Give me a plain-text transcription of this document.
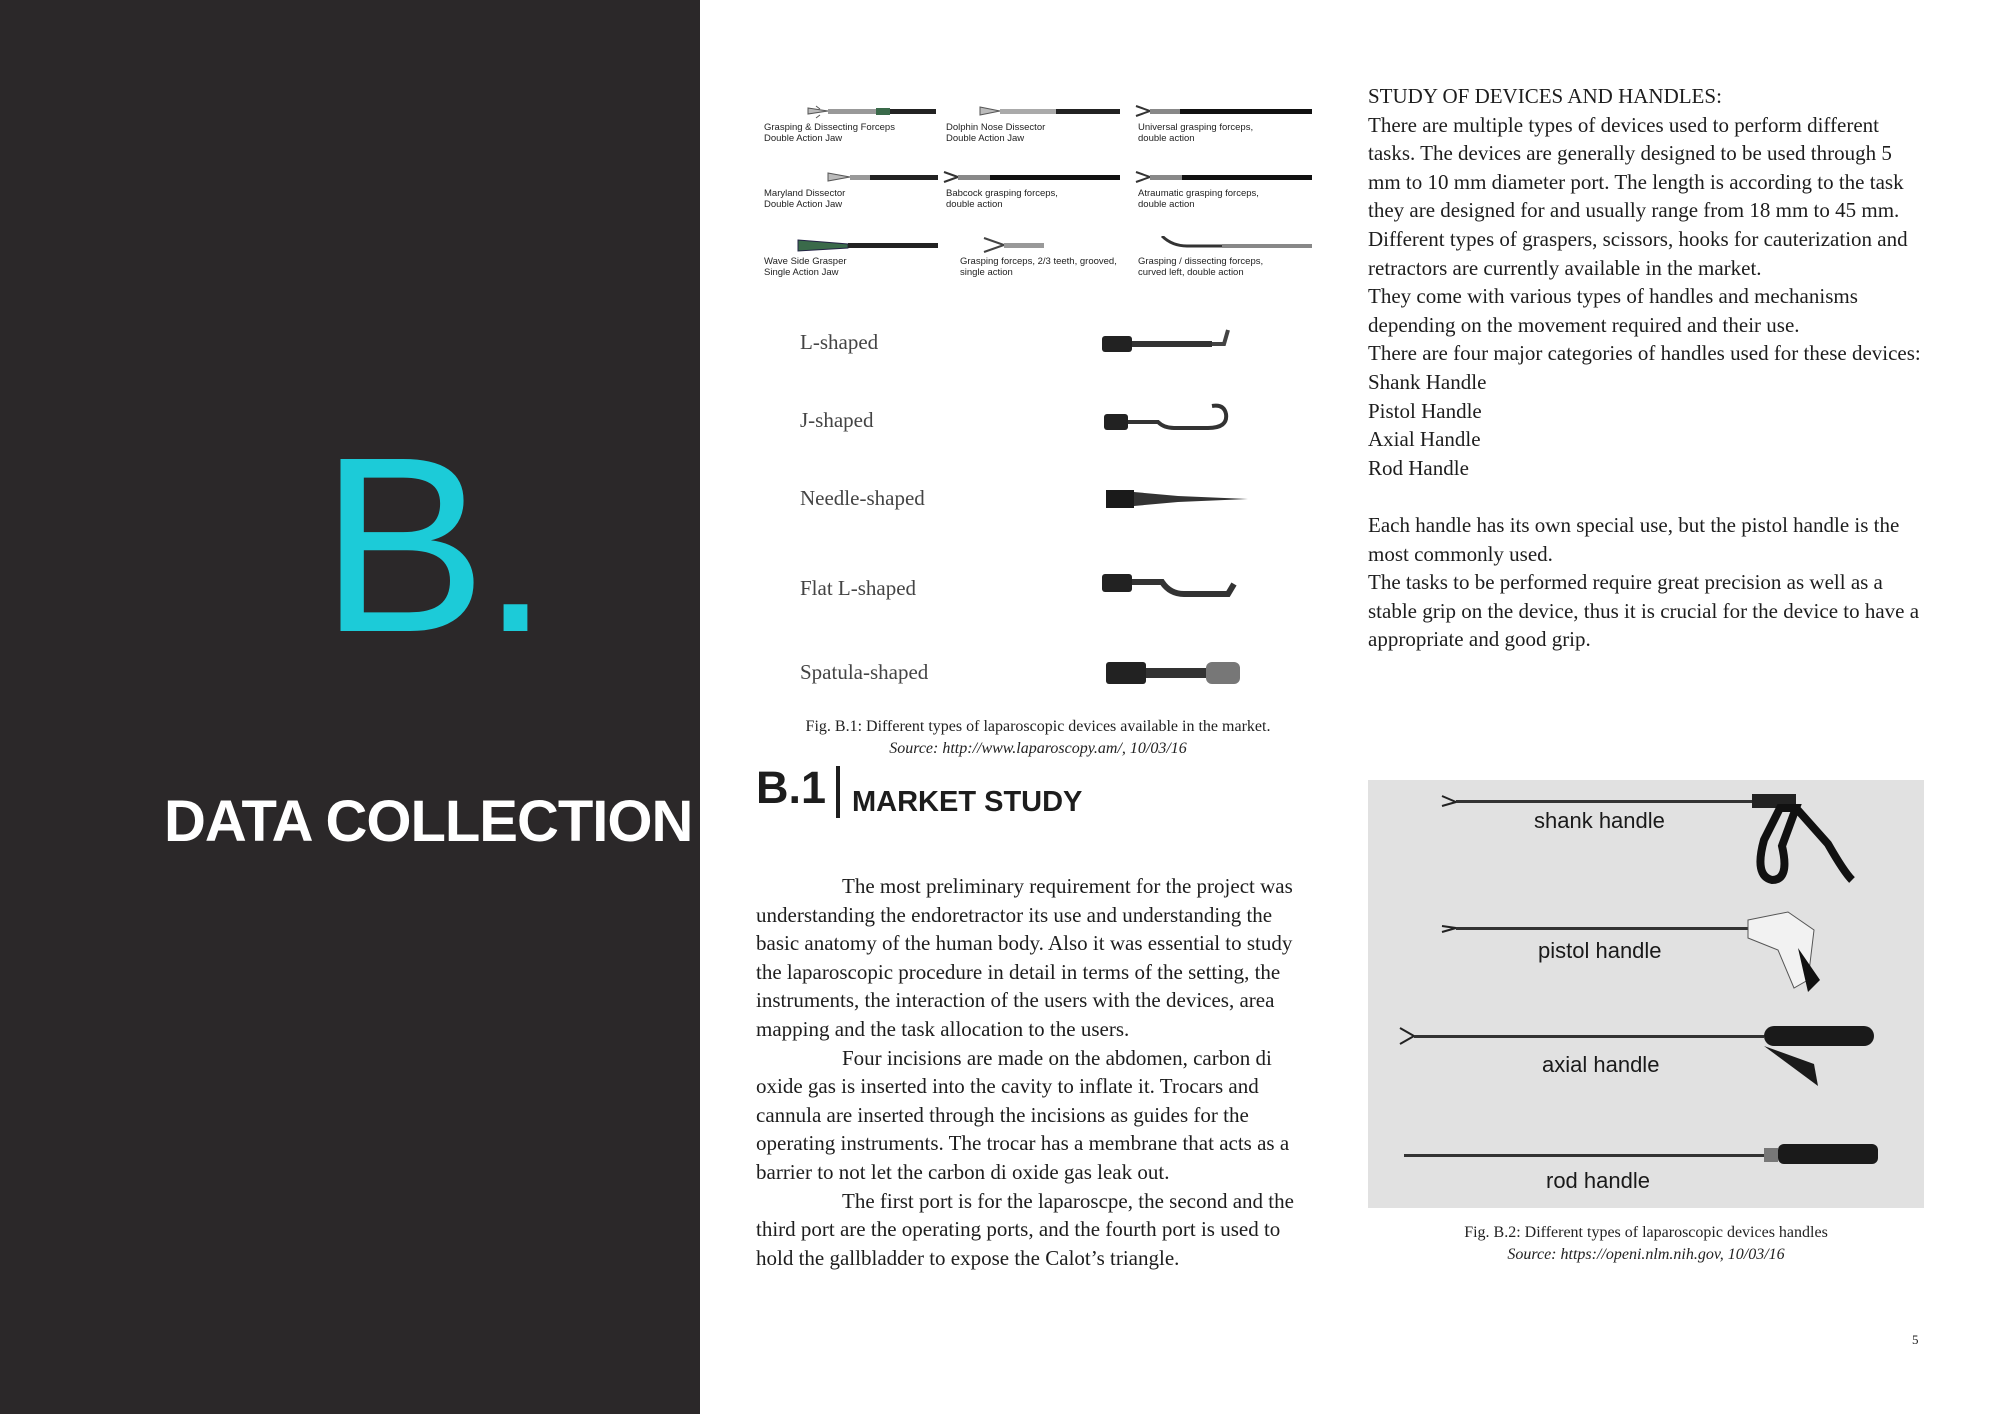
B.
DATA COLLECTION
Grasping & Dissecting Forceps
Double Action Jaw
Dolphin Nose Dissector
Double Action Jaw
Universal grasping forceps,
double action
Maryland Dissector
Double Action Jaw
Babcock grasping forceps,
double action
Atraumatic grasping forceps,
double action
Wave Side Grasper
Single Action Jaw
Grasping forceps, 2/3 teeth, grooved,
single action
Grasping / dissecting forceps,
curved left, double action
L-shaped
J-shaped
Needle-shaped
Flat L-shaped
Spatula-shaped
Fig. B.1: Different types of laparoscopic devices available in the market.
Source: http://www.laparoscopy.am/, 10/03/16
B.1 MARKET STUDY

The most preliminary requirement for the project was understanding the endoretractor its use and understanding the basic anatomy of the human body. Also it was essential to study the laparoscopic procedure in detail in terms of the setting, the instruments, the interaction of the users with the devices, area mapping and the task allocation to the users.

Four incisions are made on the abdomen, carbon di oxide gas is inserted into the cavity to inflate it. Trocars and cannula are inserted through the incisions as guides for the operating instruments. The trocar has a membrane that acts as a barrier to not let the carbon di oxide gas leak out.

The first port is for the laparoscpe, the second and the third port are the operating ports, and the fourth port is used to hold the gallbladder to expose the Calot’s triangle.

STUDY OF DEVICES AND HANDLES:

There are multiple types of devices used to perform different tasks. The devices are generally designed to be used through 5 mm to 10 mm diameter port. The length is according to the task they are designed for and usually range from 18 mm to 45 mm.

Different types of graspers, scissors, hooks for cauterization and retractors are currently available in the market.

They come with various types of handles and mechanisms depending on the movement required and their use.

There are four major categories of handles used for these devices:

Shank Handle
Pistol Handle
Axial Handle
Rod Handle

Each handle has its own special use, but the pistol handle is the most commonly used.

The tasks to be performed require great precision as well as a stable grip on the device, thus it is crucial for the device to have a appropriate and good grip.

shank handle
pistol handle
axial handle
rod handle
Fig. B.2: Different types of laparoscopic devices handles
Source: https://openi.nlm.nih.gov, 10/03/16
5
